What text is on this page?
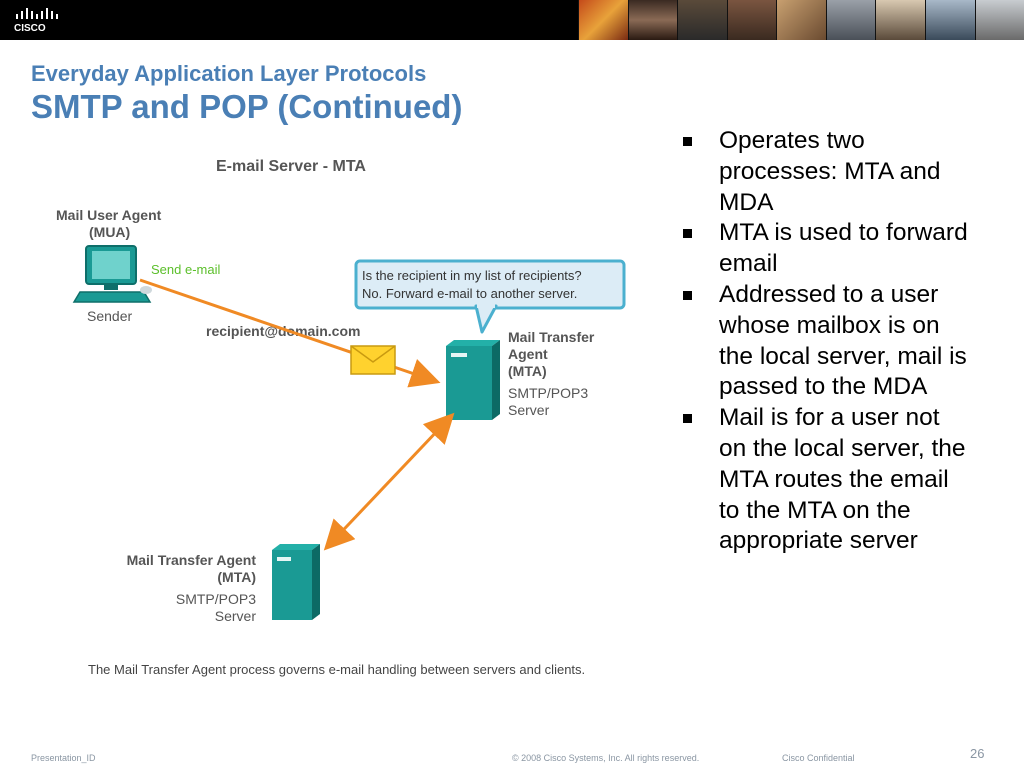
CISCO
Everyday Application Layer Protocols
SMTP and POP (Continued)
E-mail Server - MTA
Mail User Agent
(MUA)
Sender
Send e-mail
recipient@domain.com
Is the recipient in my list of recipients?
No. Forward e-mail to another server.
Mail Transfer
Agent
(MTA)
SMTP/POP3
Server
Mail Transfer Agent
(MTA)
SMTP/POP3
Server
The Mail Transfer Agent process governs e-mail handling between servers and clients.
Operates two processes: MTA and MDA
MTA is used to forward email
Addressed to a user whose mailbox is on the local server, mail is passed to the MDA
Mail is for a user not on the local server, the MTA routes the email to the MTA on the appropriate server
Presentation_ID	© 2008 Cisco Systems, Inc. All rights reserved.	Cisco Confidential	26
